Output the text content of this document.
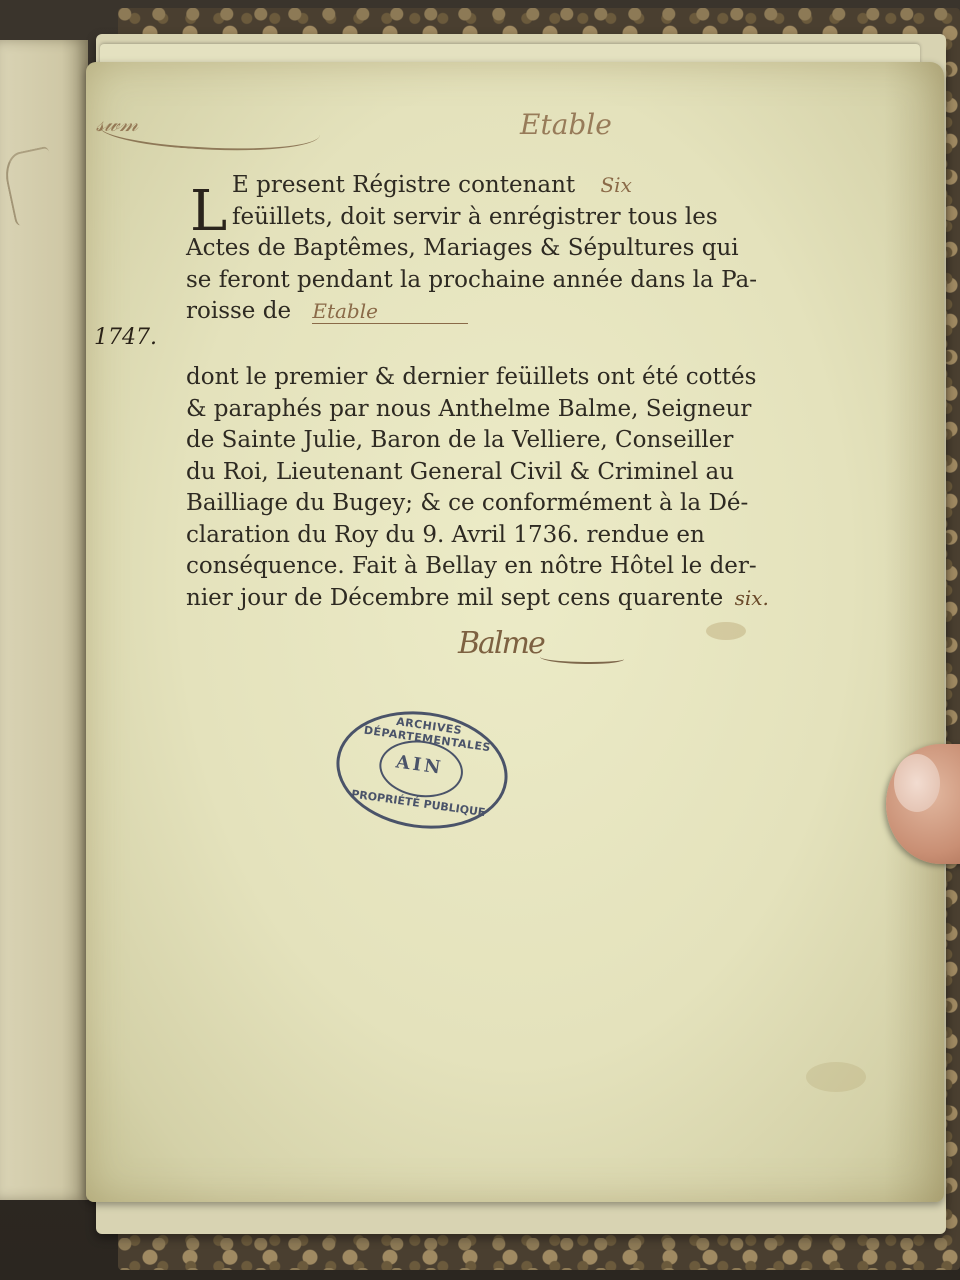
𝓈𝓌𝓂	Etable
1747.
L E present Régistre contenant Six
feüillets, doit servir à enrégistrer tous les
Actes de Baptêmes, Mariages & Sépultures qui
se feront pendant la prochaine année dans la Pa-
roisse de Etable
dont le premier & dernier feüillets ont été cottés
& paraphés par nous Anthelme Balme, Seigneur
de Sainte Julie, Baron de la Velliere, Conseiller
du Roi, Lieutenant General Civil & Criminel au
Bailliage du Bugey; & ce conformément à la Dé-
claration du Roy du 9. Avril 1736. rendue en
conséquence. Fait à Bellay en nôtre Hôtel le der-
nier jour de Décembre mil sept cens quarente six.
Balme
ARCHIVES DÉPARTEMENTALES
AIN
PROPRIÉTÉ PUBLIQUE
